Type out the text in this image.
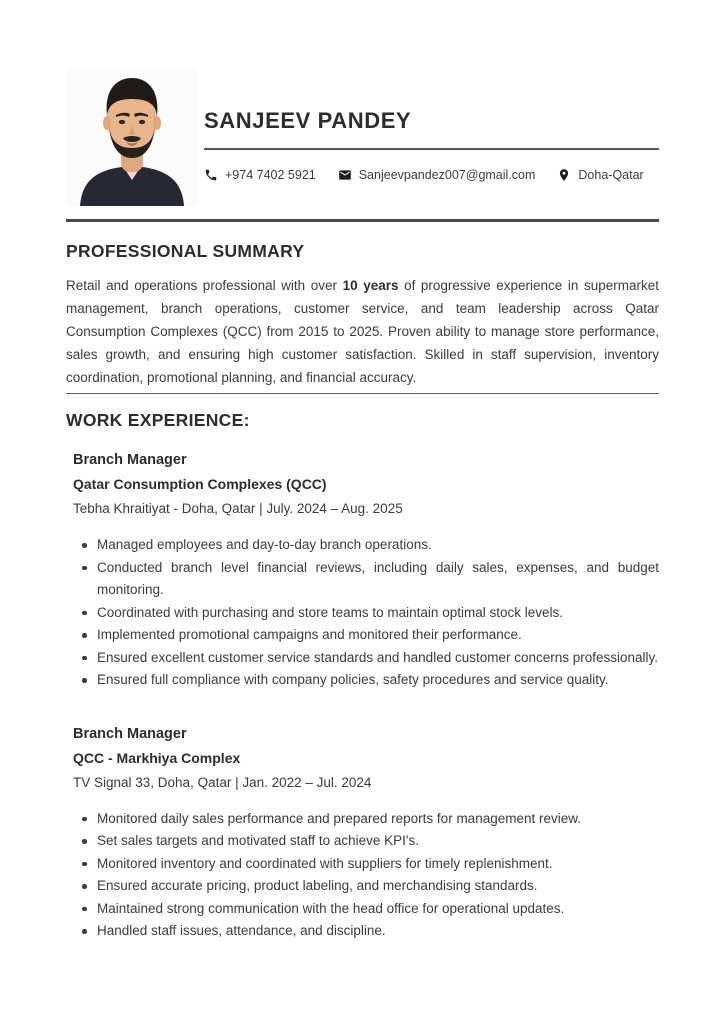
SANJEEV PANDEY
+974 7402 5921	Sanjeevpandez007@gmail.com	Doha-Qatar
PROFESSIONAL SUMMARY

Retail and operations professional with over 10 years of progressive experience in supermarket management, branch operations, customer service, and team leadership across Qatar Consumption Complexes (QCC) from 2015 to 2025. Proven ability to manage store performance, sales growth, and ensuring high customer satisfaction. Skilled in staff supervision, inventory coordination, promotional planning, and financial accuracy.

WORK EXPERIENCE:
Branch Manager
Qatar Consumption Complexes (QCC)

Tebha Khraitiyat - Doha, Qatar | July. 2024 – Aug. 2025

Managed employees and day-to-day branch operations.
Conducted branch level financial reviews, including daily sales, expenses, and budget monitoring.
Coordinated with purchasing and store teams to maintain optimal stock levels.
Implemented promotional campaigns and monitored their performance.
Ensured excellent customer service standards and handled customer concerns professionally.
Ensured full compliance with company policies, safety procedures and service quality.
Branch Manager
QCC - Markhiya Complex

TV Signal 33, Doha, Qatar | Jan. 2022 – Jul. 2024

Monitored daily sales performance and prepared reports for management review.
Set sales targets and motivated staff to achieve KPI's.
Monitored inventory and coordinated with suppliers for timely replenishment.
Ensured accurate pricing, product labeling, and merchandising standards.
Maintained strong communication with the head office for operational updates.
Handled staff issues, attendance, and discipline.
